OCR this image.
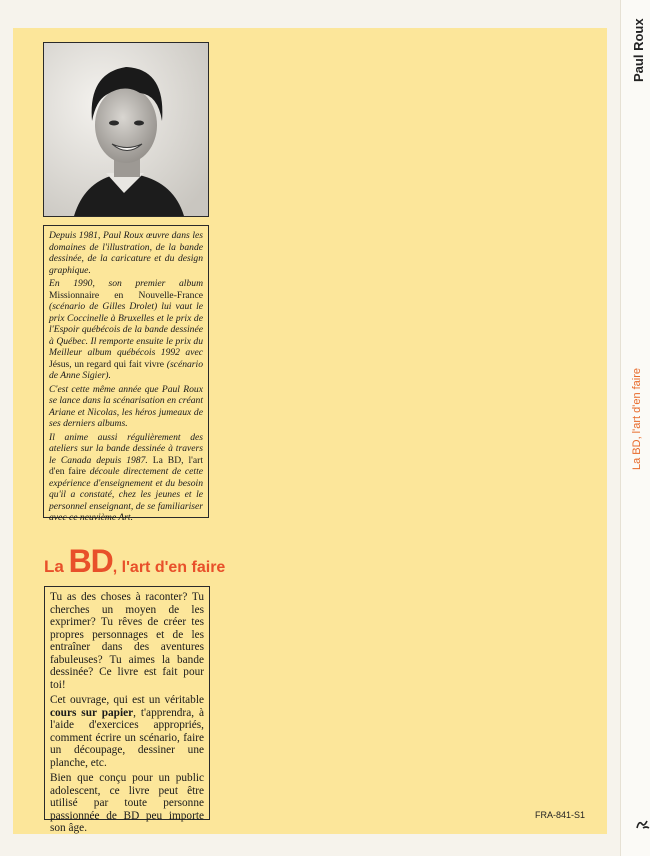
Paul Roux
La BD, l'art d'en faire

Depuis 1981, Paul Roux œuvre dans les domaines de l'illustration, de la bande dessinée, de la caricature et du design graphique.

En 1990, son premier album Missionnaire en Nouvelle-France (scénario de Gilles Drolet) lui vaut le prix Coccinelle à Bruxelles et le prix de l'Espoir québécois de la bande dessinée à Québec. Il remporte ensuite le prix du Meilleur album québécois 1992 avec Jésus, un regard qui fait vivre (scénario de Anne Sigier).

C'est cette même année que Paul Roux se lance dans la scénarisation en créant Ariane et Nicolas, les héros jumeaux de ses derniers albums.

Il anime aussi régulièrement des ateliers sur la bande dessinée à travers le Canada depuis 1987. La BD, l'art d'en faire découle directement de cette expérience d'enseignement et du besoin qu'il a constaté, chez les jeunes et le personnel enseignant, de se familiariser avec ce neuvième Art.

La BD, l'art d'en faire

Tu as des choses à raconter? Tu cherches un moyen de les exprimer? Tu rêves de créer tes propres personnages et de les entraîner dans des aventures fabuleuses? Tu aimes la bande dessinée? Ce livre est fait pour toi!

Cet ouvrage, qui est un véritable cours sur papier, t'apprendra, à l'aide d'exercices appropriés, comment écrire un scénario, faire un découpage, dessiner une planche, etc.

Bien que conçu pour un public adolescent, ce livre peut être utilisé par toute personne passionnée de BD peu importe son âge.

FRA-841-S1
